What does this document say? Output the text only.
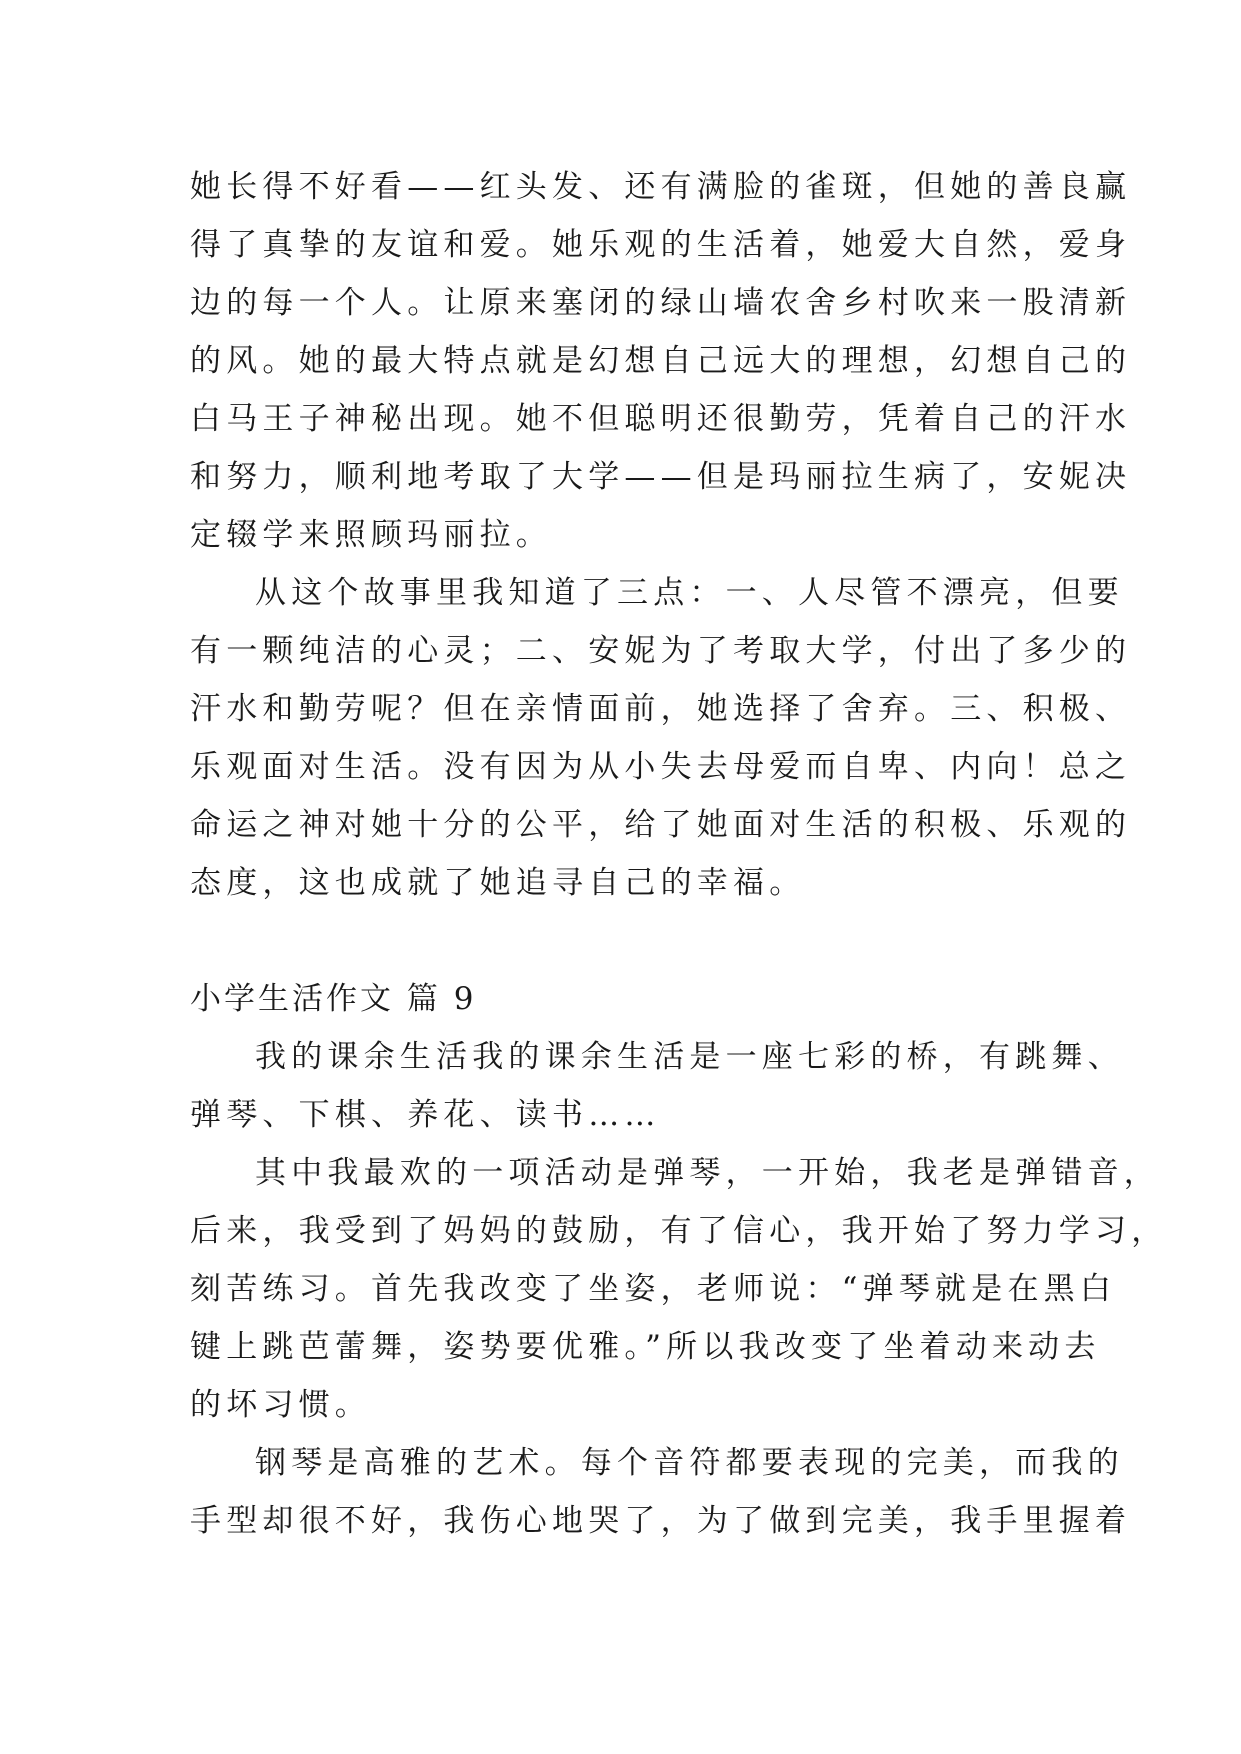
她长得不好看——红头发、还有满脸的雀斑，但她的善良赢
得了真挚的友谊和爱。她乐观的生活着，她爱大自然，爱身
边的每一个人。让原来塞闭的绿山墙农舍乡村吹来一股清新
的风。她的最大特点就是幻想自己远大的理想，幻想自己的
白马王子神秘出现。她不但聪明还很勤劳，凭着自己的汗水
和努力，顺利地考取了大学——但是玛丽拉生病了，安妮决
定辍学来照顾玛丽拉。
从这个故事里我知道了三点：一、人尽管不漂亮，但要
有一颗纯洁的心灵；二、安妮为了考取大学，付出了多少的
汗水和勤劳呢？但在亲情面前，她选择了舍弃。三、积极、
乐观面对生活。没有因为从小失去母爱而自卑、内向！总之
命运之神对她十分的公平，给了她面对生活的积极、乐观的
态度，这也成就了她追寻自己的幸福。
小学生活作文 篇 9
我的课余生活我的课余生活是一座七彩的桥，有跳舞、
弹琴、下棋、养花、读书……
其中我最欢的一项活动是弹琴，一开始，我老是弹错音，
后来，我受到了妈妈的鼓励，有了信心，我开始了努力学习，
刻苦练习。首先我改变了坐姿，老师说：“弹琴就是在黑白
键上跳芭蕾舞，姿势要优雅。”所以我改变了坐着动来动去
的坏习惯。
钢琴是高雅的艺术。每个音符都要表现的完美，而我的
手型却很不好，我伤心地哭了，为了做到完美，我手里握着
